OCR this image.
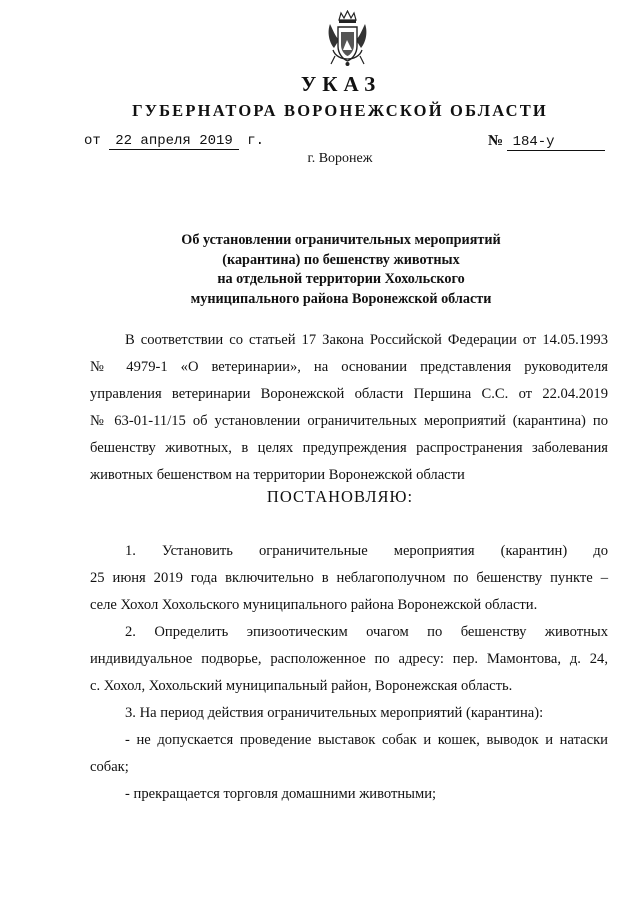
УКАЗ
ГУБЕРНАТОРА ВОРОНЕЖСКОЙ ОБЛАСТИ
от 22 апреля 2019 г.	№ 184-у
г. Воронеж
Об установлении ограничительных мероприятий
(карантина) по бешенству животных
на отдельной территории Хохольского
муниципального района Воронежской области
В соответствии со статьей 17 Закона Российской Федерации от 14.05.1993
№ 4979-1 «О ветеринарии», на основании представления руководителя
управления ветеринарии Воронежской области Першина С.С. от 22.04.2019
№ 63-01-11/15 об установлении ограничительных мероприятий (карантина) по
бешенству животных, в целях предупреждения распространения заболевания
животных бешенством на территории Воронежской области
ПОСТАНОВЛЯЮ:
1. Установить ограничительные мероприятия (карантин) до
25 июня 2019 года включительно в неблагополучном по бешенству пункте –
селе Хохол Хохольского муниципального района Воронежской области.
2. Определить эпизоотическим очагом по бешенству животных
индивидуальное подворье, расположенное по адресу: пер. Мамонтова, д. 24,
с. Хохол, Хохольский муниципальный район, Воронежская область.
3. На период действия ограничительных мероприятий (карантина):
- не допускается проведение выставок собак и кошек, выводок и натаски
собак;
- прекращается торговля домашними животными;
